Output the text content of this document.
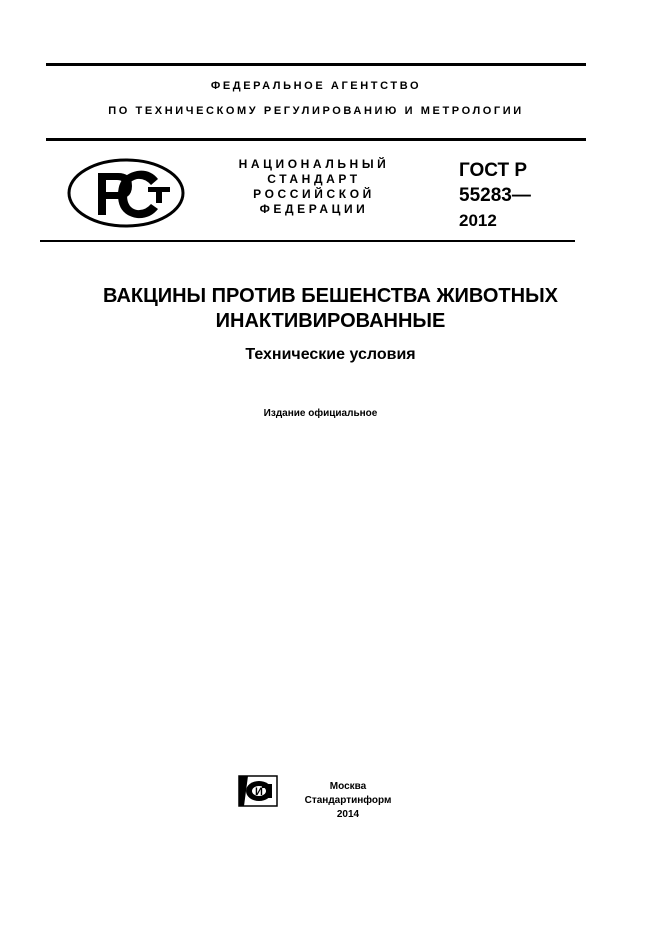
ФЕДЕРАЛЬНОЕ АГЕНТСТВО
ПО ТЕХНИЧЕСКОМУ РЕГУЛИРОВАНИЮ И МЕТРОЛОГИИ
НАЦИОНАЛЬНЫЙ
СТАНДАРТ
РОССИЙСКОЙ
ФЕДЕРАЦИИ
ГОСТ Р
55283—
2012
ВАКЦИНЫ ПРОТИВ БЕШЕНСТВА ЖИВОТНЫХ
ИНАКТИВИРОВАННЫЕ
Технические условия
Издание официальное
И	Москва
Стандартинформ
2014
